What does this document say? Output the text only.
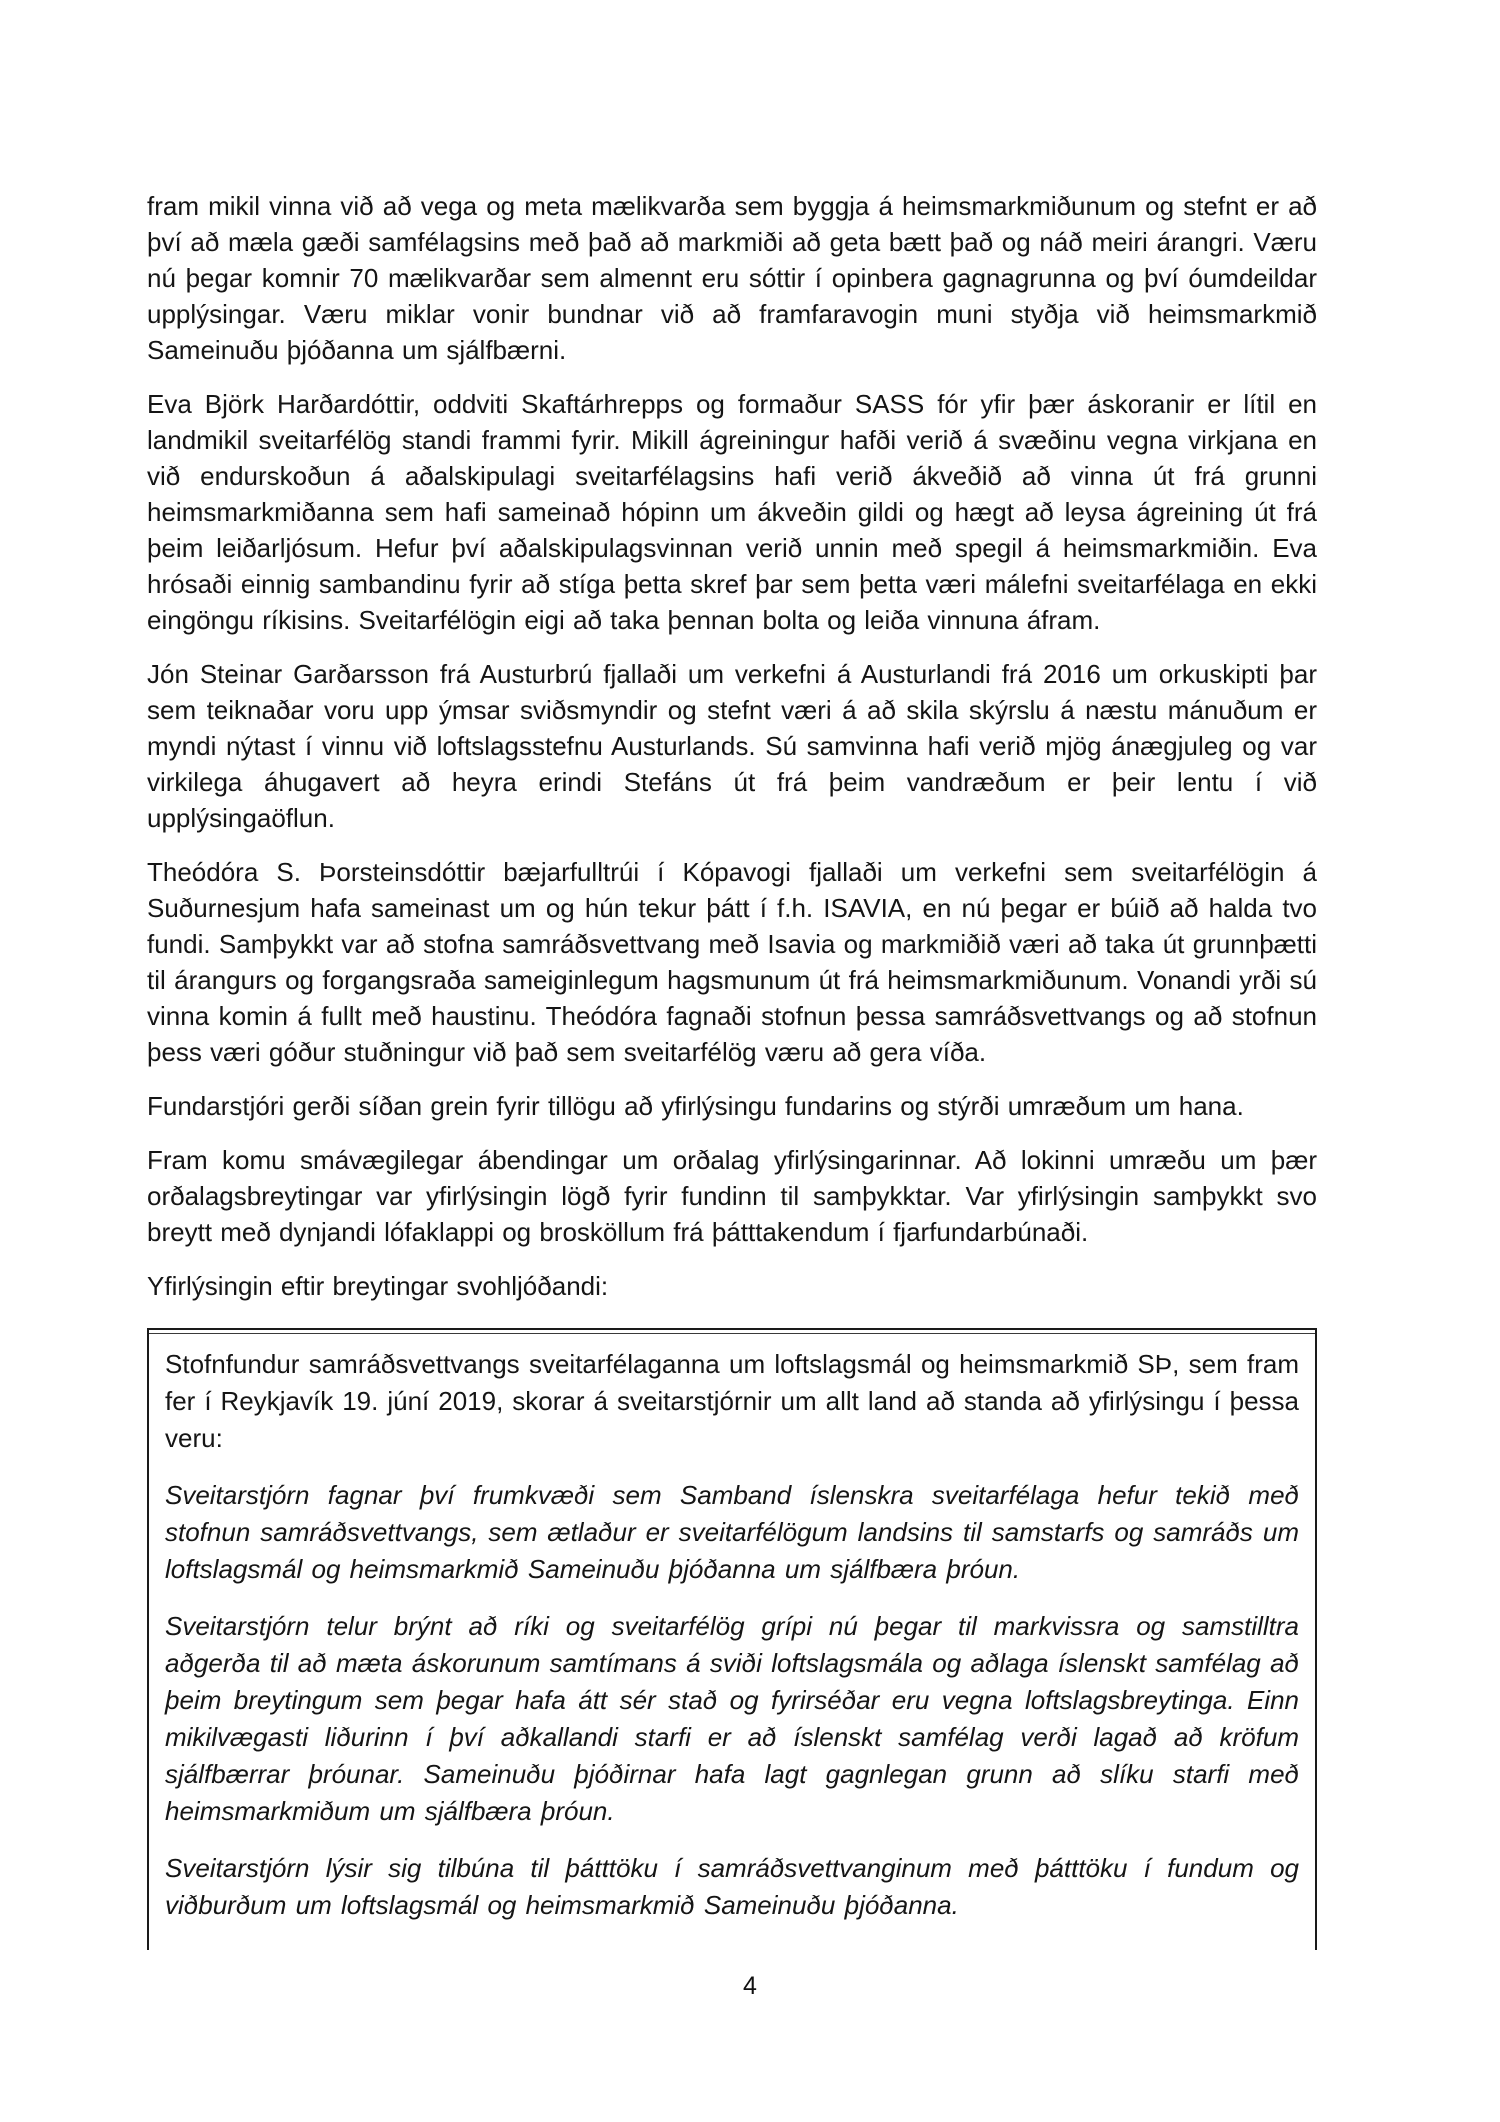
fram mikil vinna við að vega og meta mælikvarða sem byggja á heimsmarkmiðunum og stefnt er að því að mæla gæði samfélagsins með það að markmiði að geta bætt það og náð meiri árangri. Væru nú þegar komnir 70 mælikvarðar sem almennt eru sóttir í opinbera gagnagrunna og því óumdeildar upplýsingar. Væru miklar vonir bundnar við að framfaravogin muni styðja við heimsmarkmið Sameinuðu þjóðanna um sjálfbærni.

Eva Björk Harðardóttir, oddviti Skaftárhrepps og formaður SASS fór yfir þær áskoranir er lítil en landmikil sveitarfélög standi frammi fyrir. Mikill ágreiningur hafði verið á svæðinu vegna virkjana en við endurskoðun á aðalskipulagi sveitarfélagsins hafi verið ákveðið að vinna út frá grunni heimsmarkmiðanna sem hafi sameinað hópinn um ákveðin gildi og hægt að leysa ágreining út frá þeim leiðarljósum. Hefur því aðalskipulagsvinnan verið unnin með spegil á heimsmarkmiðin. Eva hrósaði einnig sambandinu fyrir að stíga þetta skref þar sem þetta væri málefni sveitarfélaga en ekki eingöngu ríkisins. Sveitarfélögin eigi að taka þennan bolta og leiða vinnuna áfram.

Jón Steinar Garðarsson frá Austurbrú fjallaði um verkefni á Austurlandi frá 2016 um orkuskipti þar sem teiknaðar voru upp ýmsar sviðsmyndir og stefnt væri á að skila skýrslu á næstu mánuðum er myndi nýtast í vinnu við loftslagsstefnu Austurlands. Sú samvinna hafi verið mjög ánægjuleg og var virkilega áhugavert að heyra erindi Stefáns út frá þeim vandræðum er þeir lentu í við upplýsingaöflun.

Theódóra S. Þorsteinsdóttir bæjarfulltrúi í Kópavogi fjallaði um verkefni sem sveitarfélögin á Suðurnesjum hafa sameinast um og hún tekur þátt í f.h. ISAVIA, en nú þegar er búið að halda tvo fundi. Samþykkt var að stofna samráðsvettvang með Isavia og markmiðið væri að taka út grunnþætti til árangurs og forgangsraða sameiginlegum hagsmunum út frá heimsmarkmiðunum. Vonandi yrði sú vinna komin á fullt með haustinu. Theódóra fagnaði stofnun þessa samráðsvettvangs og að stofnun þess væri góður stuðningur við það sem sveitarfélög væru að gera víða.

Fundarstjóri gerði síðan grein fyrir tillögu að yfirlýsingu fundarins og stýrði umræðum um hana.

Fram komu smávægilegar ábendingar um orðalag yfirlýsingarinnar. Að lokinni umræðu um þær orðalagsbreytingar var yfirlýsingin lögð fyrir fundinn til samþykktar. Var yfirlýsingin samþykkt svo breytt með dynjandi lófaklappi og brosköllum frá þátttakendum í fjarfundarbúnaði.

Yfirlýsingin eftir breytingar svohljóðandi:

Stofnfundur samráðsvettvangs sveitarfélaganna um loftslagsmál og heimsmarkmið SÞ, sem fram fer í Reykjavík 19. júní 2019, skorar á sveitarstjórnir um allt land að standa að yfirlýsingu í þessa veru:

Sveitarstjórn fagnar því frumkvæði sem Samband íslenskra sveitarfélaga hefur tekið með stofnun samráðsvettvangs, sem ætlaður er sveitarfélögum landsins til samstarfs og samráðs um loftslagsmál og heimsmarkmið Sameinuðu þjóðanna um sjálfbæra þróun.

Sveitarstjórn telur brýnt að ríki og sveitarfélög grípi nú þegar til markvissra og samstilltra aðgerða til að mæta áskorunum samtímans á sviði loftslagsmála og aðlaga íslenskt samfélag að þeim breytingum sem þegar hafa átt sér stað og fyrirséðar eru vegna loftslagsbreytinga. Einn mikilvægasti liðurinn í því aðkallandi starfi er að íslenskt samfélag verði lagað að kröfum sjálfbærrar þróunar. Sameinuðu þjóðirnar hafa lagt gagnlegan grunn að slíku starfi með heimsmarkmiðum um sjálfbæra þróun.

Sveitarstjórn lýsir sig tilbúna til þátttöku í samráðsvettvanginum með þátttöku í fundum og viðburðum um loftslagsmál og heimsmarkmið Sameinuðu þjóðanna.

4
